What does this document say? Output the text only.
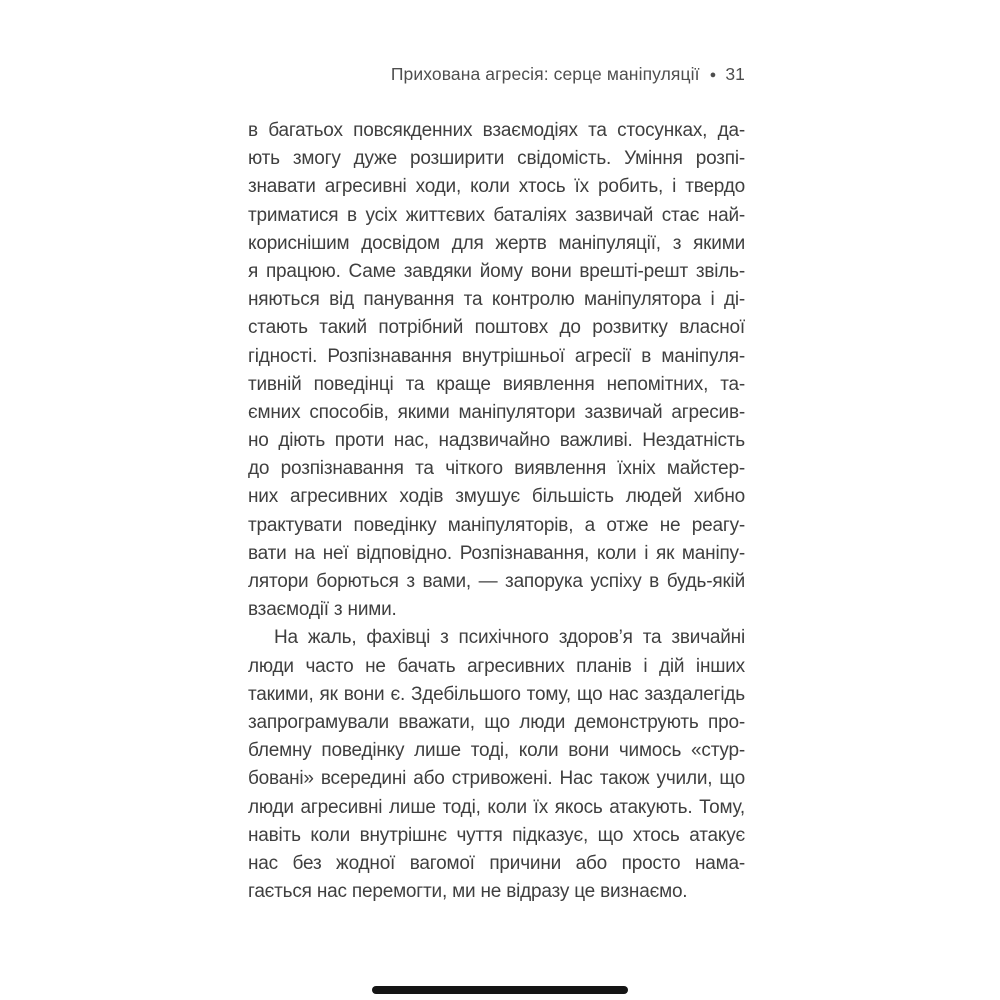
Прихована агресія: серце маніпуляції ● 31
в багатьох повсякденних взаємодіях та стосунках, да-
ють змогу дуже розширити свідомість. Уміння розпі-
знавати агресивні ходи, коли хтось їх робить, і твердо
триматися в усіх життєвих баталіях зазвичай стає най-
кориснішим досвідом для жертв маніпуляції, з якими
я працюю. Саме завдяки йому вони врешті-решт звіль-
няються від панування та контролю маніпулятора і ді-
стають такий потрібний поштовх до розвитку власної
гідності. Розпізнавання внутрішньої агресії в маніпуля-
тивній поведінці та краще виявлення непомітних, та-
ємних способів, якими маніпулятори зазвичай агресив-
но діють проти нас, надзвичайно важливі. Нездатність
до розпізнавання та чіткого виявлення їхніх майстер-
них агресивних ходів змушує більшість людей хибно
трактувати поведінку маніпуляторів, а отже не реагу-
вати на неї відповідно. Розпізнавання, коли і як маніпу-
лятори борються з вами, — запорука успіху в будь-якій
взаємодії з ними.
На жаль, фахівці з психічного здоров’я та звичайні
люди часто не бачать агресивних планів і дій інших
такими, як вони є. Здебільшого тому, що нас заздалегідь
запрограмували вважати, що люди демонструють про-
блемну поведінку лише тоді, коли вони чимось «стур-
бовані» всередині або стривожені. Нас також учили, що
люди агресивні лише тоді, коли їх якось атакують. Тому,
навіть коли внутрішнє чуття підказує, що хтось атакує
нас без жодної вагомої причини або просто нама-
гається нас перемогти, ми не відразу це визнаємо.
